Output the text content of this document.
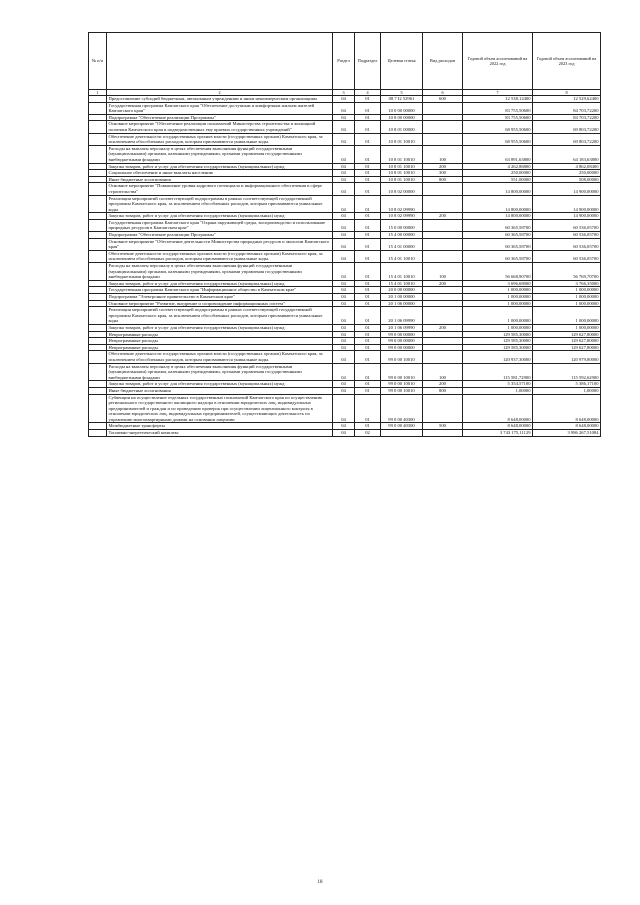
№ п/п		Раздел	Подраздел	Целевая статья	Вид расходов	Годовой объем ассигнований на 2022 год	Годовой объем ассигнований на 2023 год
1	2	3	4	5	6	7	8
	Предоставление субсидий бюджетным, автономным учреждениям и иным некоммерческим организациям	04	01	08 7 I2 52961	600	12 538,12400	12 529,62400
	Государственная программа Камчатского края "Обеспечение доступным и комфортным жильем жителей Камчатского края"	04	01	10 0 00 00000		83 755,50600	84 703,72200
	Подпрограмма "Обеспечение реализации Программы"	04	01	10 8 00 00000		83 755,50600	84 703,72200
	Основное мероприятие "Обеспечение реализации полномочий Министерства строительства и жилищной политики Камчатского края и подведомственных ему краевых государственных учреждений"	04	01	10 8 01 00000		68 955,50600	69 803,72200
	Обеспечение деятельности государственных органов власти (государственных органов) Камчатского края, за исключением обособленных расходов, которым присваиваются уникальные коды.	04	01	10 8 01 10010		68 955,50600	69 803,72200
	Расходы на выплаты персоналу в целях обеспечения выполнения функций государственными (муниципальными) органами, казенными учреждениями, органами управления государственными внебюджетными фондами	04	01	10 8 01 10010	100	63 891,63800	64 183,63800
	Закупка товаров, работ и услуг для обеспечения государственных (муниципальных) нужд	04	01	10 8 01 10010	200	4 262,86800	4 862,08400
	Социальное обеспечение и иные выплаты населению	04	01	10 8 01 10010	300	250,00000	250,00000
	Иные бюджетные ассигнования	04	01	10 8 01 10010	800	551,00000	508,00000
	Основное мероприятие "Повышение уровня кадрового потенциала и информационного обеспечения в сфере строительства"	04	01	10 8 02 00000		14 800,00000	14 900,00000
	Реализация мероприятий соответствующей подпрограммы в рамках соответствующей государственной программы Камчатского края, за исключением обособленных расходов, которым присваиваются уникальные коды	04	01	10 8 02 09990		14 800,00000	14 900,00000
	Закупка товаров, работ и услуг для обеспечения государственных (муниципальных) нужд	04	01	10 8 02 09990	200	14 800,00000	14 900,00000
	Государственная программа Камчатского края "Охрана окружающей среды, воспроизводство и использование природных ресурсов в Камчатском крае"	04	01	15 0 00 00000		60 365,58700	60 536,05700
	Подпрограмма "Обеспечение реализации Программы"	04	01	15 4 00 00000		60 365,58700	60 536,05700
	Основное мероприятие "Обеспечение деятельности Министерства природных ресурсов и экологии Камчатского края"	04	01	15 4 01 00000		60 365,58700	60 536,05700
	Обеспечение деятельности государственных органов власти (государственных органов) Камчатского края, за исключением обособленных расходов, которым присваиваются уникальные коды.	04	01	15 4 01 10010		60 365,58700	60 536,05700
	Расходы на выплаты персоналу в целях обеспечения выполнения функций государственными (муниципальными) органами, казенными учреждениями, органами управления государственными внебюджетными фондами	04	01	15 4 01 10010	100	56 668,90700	56 769,70700
	Закупка товаров, работ и услуг для обеспечения государственных (муниципальных) нужд	04	01	15 4 01 10010	200	3 696,68000	3 766,35000
	Государственная программа Камчатского края "Информационное общество в Камчатском крае"	04	01	20 0 00 00000		1 000,00000	1 000,00000
	Подпрограмма "Электронное правительство в Камчатском крае"	04	01	20 1 00 00000		1 000,00000	1 000,00000
	Основное мероприятие "Развитие, внедрение и сопровождение информационных систем"	04	01	20 1 06 00000		1 000,00000	1 000,00000
	Реализация мероприятий соответствующей подпрограммы в рамках соответствующей государственной программы Камчатского края, за исключением обособленных расходов, которым присваиваются уникальные коды	04	01	20 1 06 09990		1 000,00000	1 000,00000
	Закупка товаров, работ и услуг для обеспечения государственных (муниципальных) нужд	04	01	20 1 06 09990	200	1 000,00000	1 000,00000
	Непрограммные расходы	04	01	99 0 00 00000		129 585,30000	129 627,80000
	Непрограммные расходы	04	01	99 0 00 00000		129 585,30000	129 627,80000
	Непрограммные расходы	04	01	99 0 00 00000		129 585,30000	129 627,80000
	Обеспечение деятельности государственных органов власти (государственных органов) Камчатского края, за исключением обособленных расходов, которым присваиваются уникальные коды.	04	01	99 0 00 10010		120 937,30000	120 979,80000
	Расходы на выплаты персоналу в целях обеспечения выполнения функций государственными (муниципальными) органами, казенными учреждениями, органами управления государственными внебюджетными фондами	04	01	99 0 00 10010	100	115 581,72900	115 592,62900
	Закупка товаров, работ и услуг для обеспечения государственных (муниципальных) нужд	04	01	99 0 00 10010	200	5 354,57100	5 386,17100
	Иные бюджетные ассигнования	04	01	99 0 00 10010	800	1,00000	1,00000
	Субвенции на осуществление отдельных государственных полномочий Камчатского края по осуществлению регионального государственного жилищного надзора в отношении юридических лиц, индивидуальных предпринимателей и граждан и по проведению проверок при осуществлении лицензионного контроля в отношении юридических лиц, индивидуальных предпринимателей, осуществляющих деятельность по управлению многоквартирными домами на основании лицензии	04	01	99 0 00 40300		8 648,00000	8 648,00000
	Межбюджетные трансферты	04	01	99 0 00 40300	500	8 648,00000	8 648,00000
	Топливно-энергетический комплекс	04	02			3 743 175,11129	3 986 267,51084
18
